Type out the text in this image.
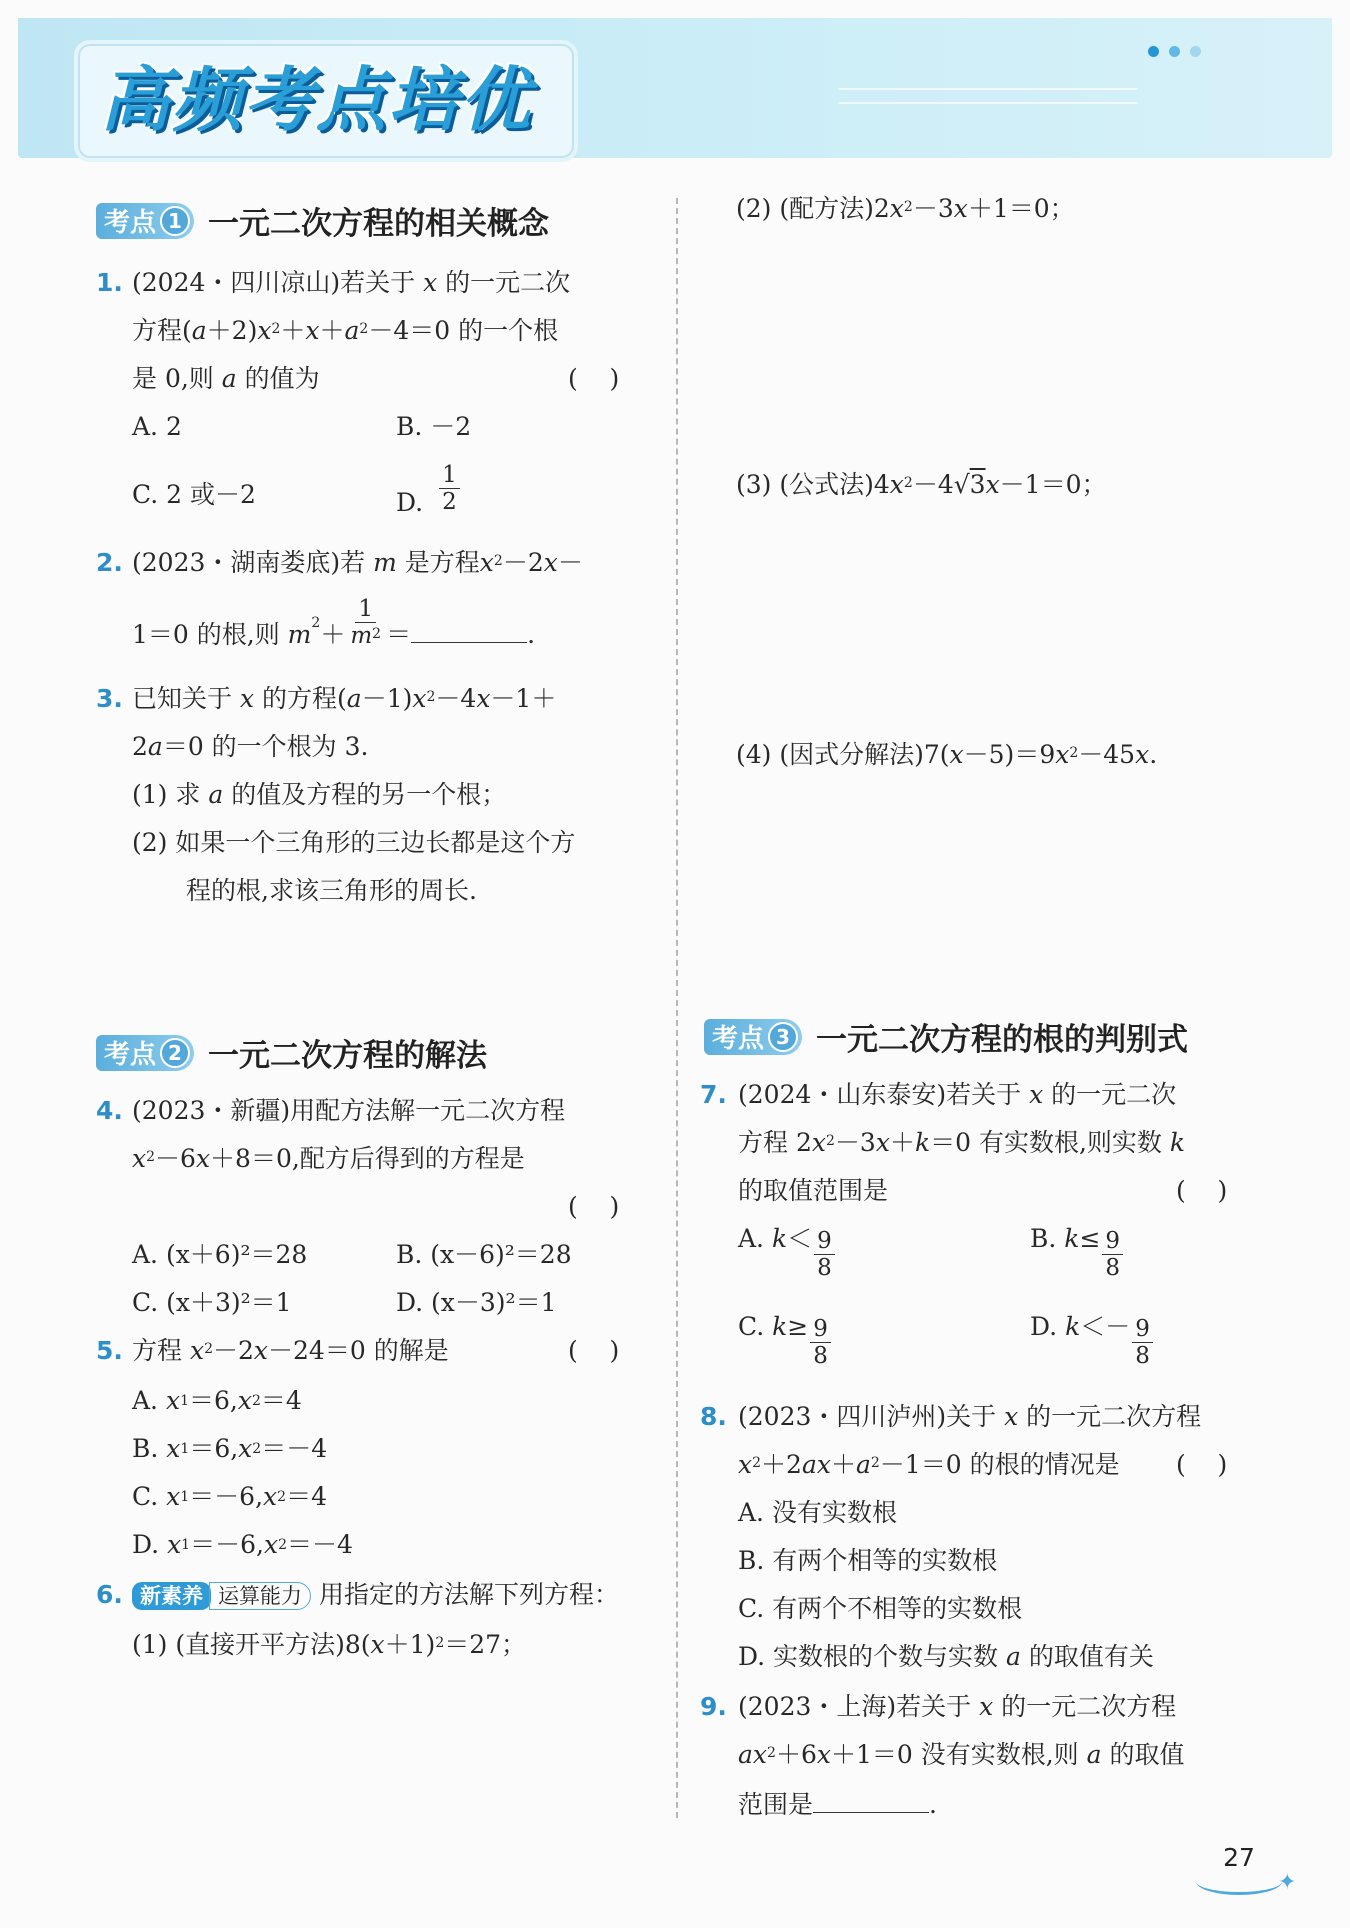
高频考点培优
考点 1 一元二次方程的相关概念
1. (2024・四川凉山)若关于 x 的一元二次
方程$(a+2)x^2+x+a^2-4=0$ 的一个根
是 0,则 a 的值为	(    )
A. 2	B. －2
C. 2 或－2	D. $\frac{1}{2}$
2. (2023・湖南娄底)若 m 是方程$x^2-2x-$
1＝0 的根,则 $m^2+ \frac{1}{m^2}$ ＝	.
3. 已知关于 x 的方程$(a-1)x^2-4x-1+$
2a＝0 的一个根为 3.
(1) 求 a 的值及方程的另一个根；
(2) 如果一个三角形的三边长都是这个方
程的根,求该三角形的周长.
考点 2 一元二次方程的解法
4. (2023・新疆)用配方法解一元二次方程
$x^2-6x+8=0$,配方后得到的方程是
(    )
A. (x＋6)²＝28	B. (x－6)²＝28
C. (x＋3)²＝1	D. (x－3)²＝1
5. 方程 $x^2-2x-24=0$ 的解是	(    )
A. x1＝6,x2＝4
B. x1＝6,x2＝－4
C. x1＝－6,x2＝4
D. x1＝－6,x2＝－4
6. 新素养 运算能力 用指定的方法解下列方程：
(1) (直接开平方法)$8(x+1)^2=27$；
(2) (配方法)$2x^2-3x+1=0$；
(3) (公式法)$4x^2-4√3x-1=0$；
(4) (因式分解法)$7(x-5)=9x^2-45x$.
考点 3 一元二次方程的根的判别式
7. (2024・山东泰安)若关于 x 的一元二次
方程 $2x^2-3x+k=0$ 有实数根,则实数 k
的取值范围是	(    )
A. $k< \frac{9}{8}$	B. $k\le \frac{9}{8}$
C. $k\ge \frac{9}{8}$	D. $k<- \frac{9}{8}$
8. (2023・四川泸州)关于 x 的一元二次方程
$x^2+2ax+a^2-1=0$ 的根的情况是 (    )
A. 没有实数根
B. 有两个相等的实数根
C. 有两个不相等的实数根
D. 实数根的个数与实数 a 的取值有关
9. (2023・上海)若关于 x 的一元二次方程
$ax^2+6x+1=0$ 没有实数根,则 a 的取值
范围是	.
27
✦
